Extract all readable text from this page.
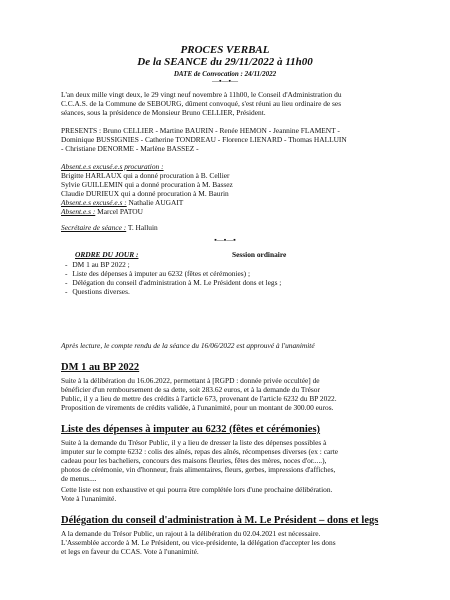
PROCES VERBAL
De la SEANCE du 29/11/2022 à 11h00
DATE de Convocation : 24/11/2022
—▪—▪—
L'an deux mille vingt deux, le 29 vingt neuf novembre à 11h00, le Conseil d'Administration du
C.C.A.S. de la Commune de SEBOURG, dûment convoqué, s'est réuni au lieu ordinaire de ses
séances, sous la présidence de Monsieur Bruno CELLIER, Président.
PRESENTS : Bruno CELLIER - Martine BAURIN - Renée HEMON - Jeannine FLAMENT -
Dominique BUSSIGNIES - Catherine TONDREAU - Florence LIENARD - Thomas HALLUIN
- Christiane DENORME - Marlène BASSEZ -
Absent.e.s excusé.e.s procuration :
Brigitte HARLAUX qui a donné procuration à B. Cellier
Sylvie GUILLEMIN qui a donné procuration à M. Bassez
Claudie DURIEUX qui a donné procuration à M. Baurin
Absent.e.s excusé.e.s : Nathalie AUGAIT
Absent.e.s : Marcel PATOU
Secrétaire de séance : T. Halluin
▪—▪—▪
ORDRE DU JOUR :	Session ordinaire
- DM 1 au BP 2022 ;
- Liste des dépenses à imputer au 6232 (fêtes et cérémonies) ;
- Délégation du conseil d'administration à M. Le Président dons et legs ;
- Questions diverses.
Après lecture, le compte rendu de la séance du 16/06/2022 est approuvé à l'unanimité
DM 1 au BP 2022
Suite à la délibération du 16.06.2022, permettant à [RGPD : donnée privée occultée] de
bénéficier d'un remboursement de sa dette, soit 283.62 euros, et à la demande du Trésor
Public, il y a lieu de mettre des crédits à l'article 673, provenant de l'article 6232 du BP 2022.
Proposition de virements de crédits validée, à l'unanimité, pour un montant de 300.00 euros.
Liste des dépenses à imputer au 6232 (fêtes et cérémonies)
Suite à la demande du Trésor Public, il y a lieu de dresser la liste des dépenses possibles à
imputer sur le compte 6232 : colis des aînés, repas des aînés, récompenses diverses (ex : carte
cadeau pour les bacheliers, concours des maisons fleuries, fêtes des mères, noces d'or.....),
photos de cérémonie, vin d'honneur, frais alimentaires, fleurs, gerbes, impressions d'affiches,
de menus....
Cette liste est non exhaustive et qui pourra être complétée lors d'une prochaine délibération.
Vote à l'unanimité.
Délégation du conseil d'administration à M. Le Président – dons et legs
A la demande du Trésor Public, un rajout à la délibération du 02.04.2021 est nécessaire.
L'Assemblée accorde à M. Le Président, ou vice-présidente, la délégation d'accepter les dons
et legs en faveur du CCAS. Vote à l'unanimité.
